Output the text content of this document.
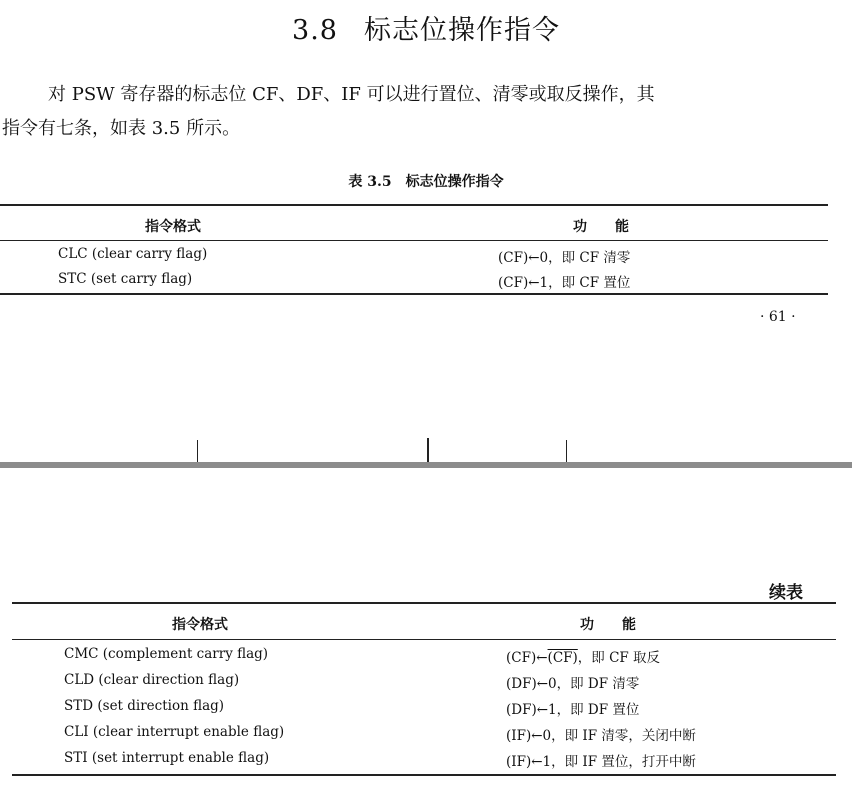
3.8 标志位操作指令
对 PSW 寄存器的标志位 CF、DF、IF 可以进行置位、清零或取反操作，其
指令有七条，如表 3.5 所示。
表 3.5 标志位操作指令
指令格式	功　　能
CLC (clear carry flag)	(CF)←0，即 CF 清零
STC (set carry flag)	(CF)←1，即 CF 置位
· 61 ·
续表
指令格式	功　　能
CMC (complement carry flag)	(CF)←(CF)，即 CF 取反
CLD (clear direction flag)	(DF)←0，即 DF 清零
STD (set direction flag)	(DF)←1，即 DF 置位
CLI (clear interrupt enable flag)	(IF)←0，即 IF 清零，关闭中断
STI (set interrupt enable flag)	(IF)←1，即 IF 置位，打开中断
